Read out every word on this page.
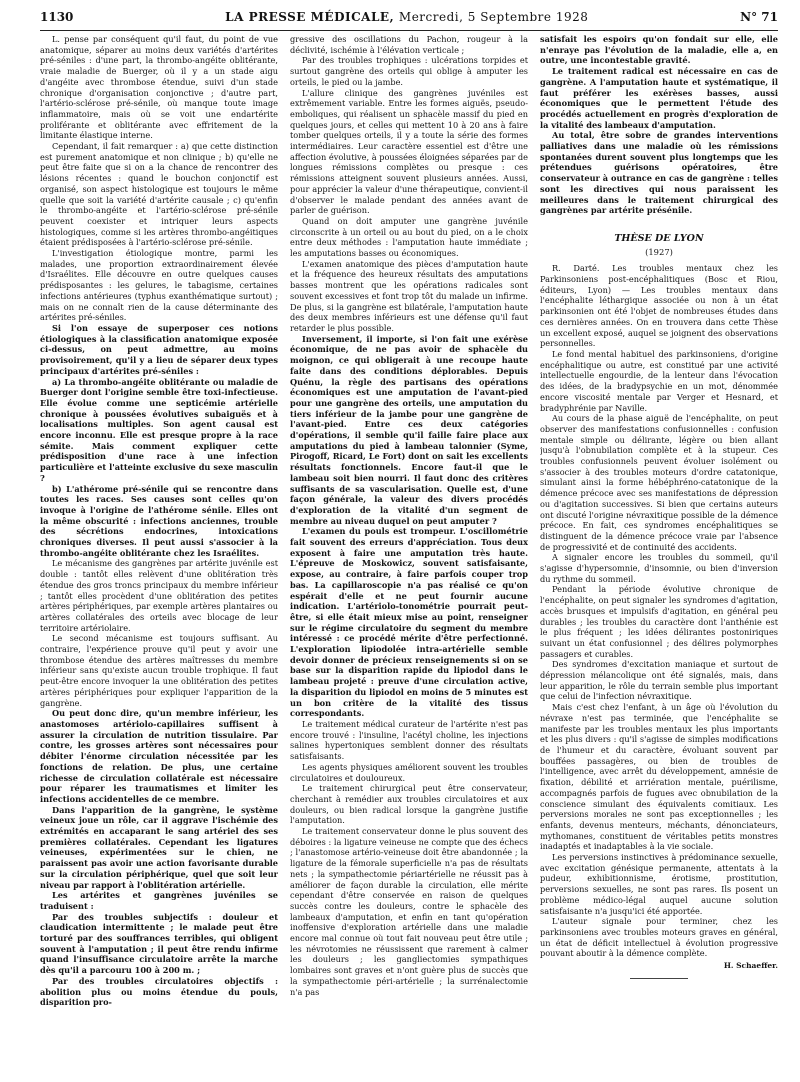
1130	LA PRESSE MÉDICALE, Mercredi, 5 Septembre 1928	N° 71

L. pense par conséquent qu'il faut, du point de vue anatomique, séparer au moins deux variétés d'artérites pré-séniles : d'une part, la thrombo-angéite oblitérante, vraie maladie de Buerger, où il y a un stade aigu d'angéite avec thrombose étendue, suivi d'un stade chronique d'organisation conjonctive ; d'autre part, l'artério-sclérose pré-sénile, où manque toute image inflammatoire, mais où se voit une endartérite proliférante et oblitérante avec effritement de la limitante élastique interne.

Cependant, il fait remarquer : a) que cette distinction est purement anatomique et non clinique ; b) qu'elle ne peut être faite que si on a la chance de rencontrer des lésions récentes : quand le bouchon conjonctif est organisé, son aspect histologique est toujours le même quelle que soit la variété d'artérite causale ; c) qu'enfin le thrombo-angéite et l'artério-sclérose pré-sénile peuvent coexister et intriquer leurs aspects histologiques, comme si les artères thrombo-angéitiques étaient prédisposées à l'artério-sclérose pré-sénile.

L'investigation étiologique montre, parmi les malades, une proportion extraordinairement élevée d'Israélites. Elle découvre en outre quelques causes prédisposantes : les gelures, le tabagisme, certaines infections antérieures (typhus exanthématique surtout) ; mais on ne connaît rien de la cause déterminante des artérites pré-séniles.

Si l'on essaye de superposer ces notions étiologiques à la classification anatomique exposée ci-dessus, on peut admettre, au moins provisoirement, qu'il y a lieu de séparer deux types principaux d'artérites pré-séniles :

a) La thrombo-angéite oblitérante ou maladie de Buerger dont l'origine semble être toxi-infectieuse. Elle évolue comme une septicémie artérielle chronique à poussées évolutives subaiguës et à localisations multiples. Son agent causal est encore inconnu. Elle est presque propre à la race sémite. Mais comment expliquer cette prédisposition d'une race à une infection particulière et l'atteinte exclusive du sexe masculin ?

b) L'athérome pré-sénile qui se rencontre dans toutes les races. Ses causes sont celles qu'on invoque à l'origine de l'athérome sénile. Elles ont la même obscurité : infections anciennes, trouble des sécrétions endocrines, intoxications chroniques diverses. Il peut aussi s'associer à la thrombo-angéite oblitérante chez les Israélites.

Le mécanisme des gangrènes par artérite juvénile est double : tantôt elles relèvent d'une oblitération très étendue des gros troncs principaux du membre inférieur ; tantôt elles procèdent d'une oblitération des petites artères périphériques, par exemple artères plantaires ou artères collatérales des orteils avec blocage de leur territoire artériolaire.

Le second mécanisme est toujours suffisant. Au contraire, l'expérience prouve qu'il peut y avoir une thrombose étendue des artères maîtresses du membre inférieur sans qu'existe aucun trouble trophique. Il faut peut-être encore invoquer la une oblitération des petites artères périphériques pour expliquer l'apparition de la gangrène.

Ou peut donc dire, qu'un membre inférieur, les anastomoses artériolo-capillaires suffisent à assurer la circulation de nutrition tissulaire. Par contre, les grosses artères sont nécessaires pour débiter l'énorme circulation nécessitée par les fonctions de relation. De plus, une certaine richesse de circulation collatérale est nécessaire pour réparer les traumatismes et limiter les infections accidentelles de ce membre.

Dans l'apparition de la gangrène, le système veineux joue un rôle, car il aggrave l'ischémie des extrémités en accaparant le sang artériel des ses premières collatérales. Cependant les ligatures veineuses, expérimentées sur le chien, ne paraissent pas avoir une action favorisante durable sur la circulation périphérique, quel que soit leur niveau par rapport à l'oblitération artérielle.

Les artérites et gangrènes juvéniles se traduisent :

Par des troubles subjectifs : douleur et claudication intermittente ; le malade peut être torturé par des souffrances terribles, qui obligent souvent à l'amputation ; il peut être rendu infirme quand l'insuffisance circulatoire arrête la marche dès qu'il a parcouru 100 à 200 m. ;

Par des troubles circulatoires objectifs : abolition plus ou moins étendue du pouls, disparition pro-

gressive des oscillations du Pachon, rougeur à la déclivité, ischémie à l'élévation verticale ;

Par des troubles trophiques : ulcérations torpides et surtout gangrène des orteils qui oblige à amputer les orteils, le pied ou la jambe.

L'allure clinique des gangrènes juvéniles est extrêmement variable. Entre les formes aiguës, pseudo-emboliques, qui réalisent un sphacèle massif du pied en quelques jours, et celles qui mettent 10 à 20 ans à faire tomber quelques orteils, il y a toute la série des formes intermédiaires. Leur caractère essentiel est d'être une affection évolutive, à poussées éloignées séparées par de longues rémissions complètes ou presque : ces rémissions atteignent souvent plusieurs années. Aussi, pour apprécier la valeur d'une thérapeutique, convient-il d'observer le malade pendant des années avant de parler de guérison.

Quand on doit amputer une gangrène juvénile circonscrite à un orteil ou au bout du pied, on a le choix entre deux méthodes : l'amputation haute immédiate ; les amputations basses ou économiques.

L'examen anatomique des pièces d'amputation haute et la fréquence des heureux résultats des amputations basses montrent que les opérations radicales sont souvent excessives et font trop tôt du malade un infirme. De plus, si la gangrène est bilatérale, l'amputation haute des deux membres inférieurs est une défense qu'il faut retarder le plus possible.

Inversement, il importe, si l'on fait une exérèse économique, de ne pas avoir de sphacèle du moignon, ce qui obligerait à une recoupe haute faite dans des conditions déplorables. Depuis Quénu, la règle des partisans des opérations économiques est une amputation de l'avant-pied pour une gangrène des orteils, une amputation du tiers inférieur de la jambe pour une gangrène de l'avant-pied. Entre ces deux catégories d'opérations, il semble qu'il faille faire place aux amputations du pied à lambeau talonnier (Syme, Pirogoff, Ricard, Le Fort) dont on sait les excellents résultats fonctionnels. Encore faut-il que le lambeau soit bien nourri. Il faut donc des critères suffisants de sa vascularisation. Quelle est, d'une façon générale, la valeur des divers procédés d'exploration de la vitalité d'un segment de membre au niveau duquel on peut amputer ?

L'examen du pouls est trompeur. L'oscillométrie fait souvent des erreurs d'appréciation. Tous deux exposent à faire une amputation très haute. L'épreuve de Moskowicz, souvent satisfaisante, expose, au contraire, à faire parfois couper trop bas. La capillaroscopie n'a pas réalisé ce qu'on espérait d'elle et ne peut fournir aucune indication. L'artériolo-tonométrie pourrait peut-être, si elle était mieux mise au point, renseigner sur le régime circulatoire du segment du membre intéressé : ce procédé mérite d'être perfectionné. L'exploration lipiodolée intra-artérielle semble devoir donner de précieux renseignements si on se base sur la disparition rapide du lipiodol dans le lambeau projeté : preuve d'une circulation active, la disparition du lipiodol en moins de 5 minutes est un bon critère de la vitalité des tissus correspondants.

Le traitement médical curateur de l'artérite n'est pas encore trouvé : l'insuline, l'acétyl choline, les injections salines hypertoniques semblent donner des résultats satisfaisants.

Les agents physiques améliorent souvent les troubles circulatoires et douloureux.

Le traitement chirurgical peut être conservateur, cherchant à remédier aux troubles circulatoires et aux douleurs, ou bien radical lorsque la gangrène justifie l'amputation.

Le traitement conservateur donne le plus souvent des déboires : la ligature veineuse ne compte que des échecs ; l'anastomose artério-veineuse doit être abandonnée ; la ligature de la fémorale superficielle n'a pas de résultats nets ; la sympathectomie périartérielle ne réussit pas à améliorer de façon durable la circulation, elle mérite cependant d'être conservée en raison de quelques succès contre les douleurs, contre le sphacèle des lambeaux d'amputation, et enfin en tant qu'opération inoffensive d'exploration artérielle dans une maladie encore mal connue où tout fait nouveau peut être utile ; les névrotomies ne réussissent que rarement à calmer les douleurs ; les gangliectomies sympathiques lombaires sont graves et n'ont guère plus de succès que la sympathectomie péri-artérielle ; la surrénalectomie n'a pas

satisfait les espoirs qu'on fondait sur elle, elle n'enraye pas l'évolution de la maladie, elle a, en outre, une incontestable gravité.

Le traitement radical est nécessaire en cas de gangrène. A l'amputation haute et systématique, il faut préférer les exérèses basses, aussi économiques que le permettent l'étude des procédés actuellement en progrès d'exploration de la vitalité des lambeaux d'amputation.

Au total, être sobre de grandes interventions palliatives dans une maladie où les rémissions spontanées durent souvent plus longtemps que les prétendues guérisons opératoires, être conservateur à outrance en cas de gangrène : telles sont les directives qui nous paraissent les meilleures dans le traitement chirurgical des gangrènes par artérite présénile.

THÈSE DE LYON
(1927)

R. Darté. Les troubles mentaux chez les Parkinsoniens post-encéphalitiques (Bosc et Riou, éditeurs, Lyon) — Les troubles mentaux dans l'encéphalite léthargique associée ou non à un état parkinsonien ont été l'objet de nombreuses études dans ces dernières années. On en trouvera dans cette Thèse un excellent exposé, auquel se joignent des observations personnelles.

Le fond mental habituel des parkinsoniens, d'origine encéphalitique ou autre, est constitué par une activité intellectuelle engourdie, de la lenteur dans l'évocation des idées, de la bradypsychie en un mot, dénommée encore viscosité mentale par Verger et Hesnard, et bradyphrénie par Naville.

Au cours de la phase aiguë de l'encéphalite, on peut observer des manifestations confusionnelles : confusion mentale simple ou délirante, légère ou bien allant jusqu'à l'obnubilation complète et à la stupeur. Ces troubles confusionnels peuvent évoluer isolément ou s'associer à des troubles moteurs d'ordre catatonique, simulant ainsi la forme hébéphréno-catatonique de la démence précoce avec ses manifestations de dépression ou d'agitation successives. Si bien que certains auteurs ont discuté l'origine névraxitique possible de la démence précoce. En fait, ces syndromes encéphalitiques se distinguent de la démence précoce vraie par l'absence de progressivité et de continuité des accidents.

A signaler encore les troubles du sommeil, qu'il s'agisse d'hypersomnie, d'insomnie, ou bien d'inversion du rythme du sommeil.

Pendant la période évolutive chronique de l'encéphalite, on peut signaler les syndromes d'agitation, accès brusques et impulsifs d'agitation, en général peu durables ; les troubles du caractère dont l'anthénie est le plus fréquent ; les idées délirantes postoniriques suivant un état confusionnel ; des délires polymorphes passagers et curables.

Des syndromes d'excitation maniaque et surtout de dépression mélancolique ont été signalés, mais, dans leur apparition, le rôle du terrain semble plus important que celui de l'infection névraxitique.

Mais c'est chez l'enfant, à un âge où l'évolution du névraxe n'est pas terminée, que l'encéphalite se manifeste par les troubles mentaux les plus importants et les plus divers : qu'il s'agisse de simples modifications de l'humeur et du caractère, évoluant souvent par bouffées passagères, ou bien de troubles de l'intelligence, avec arrêt du développement, amnésie de fixation, débilité et arriération mentale, puérilisme, accompagnés parfois de fugues avec obnubilation de la conscience simulant des équivalents comitiaux. Les perversions morales ne sont pas exceptionnelles ; les enfants, devenus menteurs, méchants, dénonciateurs, mythomanes, constituent de véritables petits monstres inadaptés et inadaptables à la vie sociale.

Les perversions instinctives à prédominance sexuelle, avec excitation génésique permanente, attentats à la pudeur, exhibitionnisme, érotisme, prostitution, perversions sexuelles, ne sont pas rares. Ils posent un problème médico-légal auquel aucune solution satisfaisante n'a jusqu'ici été apportée.

L'auteur signale pour terminer, chez les parkinsoniens avec troubles moteurs graves en général, un état de déficit intellectuel à évolution progressive pouvant aboutir à la démence complète.

H. Schaeffer.
